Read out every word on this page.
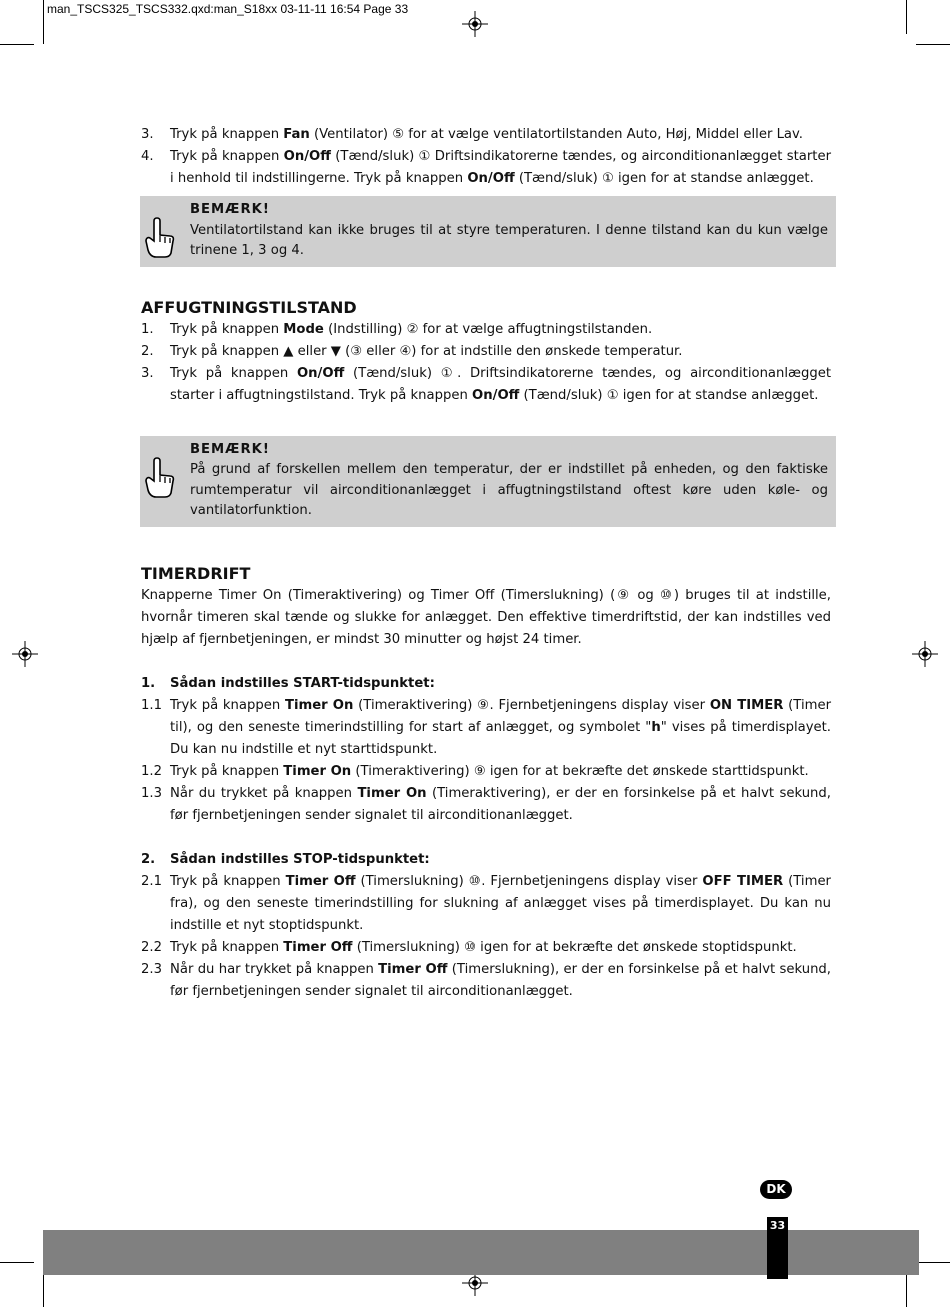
man_TSCS325_TSCS332.qxd:man_S18xx 03-11-11 16:54 Page 33
3.	Tryk på knappen Fan (Ventilator) ⑤ for at vælge ventilatortilstanden Auto, Høj, Middel eller Lav.
4.	Tryk på knappen On/Off (Tænd/sluk) ① Driftsindikatorerne tændes, og airconditionanlægget starter i henhold til indstillingerne. Tryk på knappen On/Off (Tænd/sluk) ① igen for at standse anlægget.
BEMÆRK!
Ventilatortilstand kan ikke bruges til at styre temperaturen. I denne tilstand kan du kun vælge trinene 1, 3 og 4.
AFFUGTNINGSTILSTAND
1.	Tryk på knappen Mode (Indstilling) ② for at vælge affugtningstilstanden.
2.	Tryk på knappen ▲ eller ▼ (③ eller ④) for at indstille den ønskede temperatur.
3.	Tryk på knappen On/Off (Tænd/sluk) ①. Driftsindikatorerne tændes, og airconditionanlægget starter i affugtningstilstand. Tryk på knappen On/Off (Tænd/sluk) ① igen for at standse anlægget.
BEMÆRK!
På grund af forskellen mellem den temperatur, der er indstillet på enheden, og den faktiske rumtemperatur vil airconditionanlægget i affugtningstilstand oftest køre uden køle- og vantilatorfunktion.
TIMERDRIFT
Knapperne Timer On (Timeraktivering) og Timer Off (Timerslukning) (⑨ og ⑩) bruges til at indstille, hvornår timeren skal tænde og slukke for anlægget. Den effektive timerdriftstid, der kan indstilles ved hjælp af fjernbetjeningen, er mindst 30 minutter og højst 24 timer.
1.	Sådan indstilles START-tidspunktet:
1.1 Tryk på knappen Timer On (Timeraktivering) ⑨. Fjernbetjeningens display viser ON TIMER (Timer til), og den seneste timerindstilling for start af anlægget, og symbolet "h" vises på timerdisplayet. Du kan nu indstille et nyt starttidspunkt.
1.2 Tryk på knappen Timer On (Timeraktivering) ⑨ igen for at bekræfte det ønskede starttidspunkt.
1.3 Når du trykket på knappen Timer On (Timeraktivering), er der en forsinkelse på et halvt sekund, før fjernbetjeningen sender signalet til airconditionanlægget.
2.	Sådan indstilles STOP-tidspunktet:
2.1 Tryk på knappen Timer Off (Timerslukning) ⑩. Fjernbetjeningens display viser OFF TIMER (Timer fra), og den seneste timerindstilling for slukning af anlægget vises på timerdisplayet. Du kan nu indstille et nyt stoptidspunkt.
2.2 Tryk på knappen Timer Off (Timerslukning) ⑩ igen for at bekræfte det ønskede stoptidspunkt.
2.3 Når du har trykket på knappen Timer Off (Timerslukning), er der en forsinkelse på et halvt sekund, før fjernbetjeningen sender signalet til airconditionanlægget.
DK
33
